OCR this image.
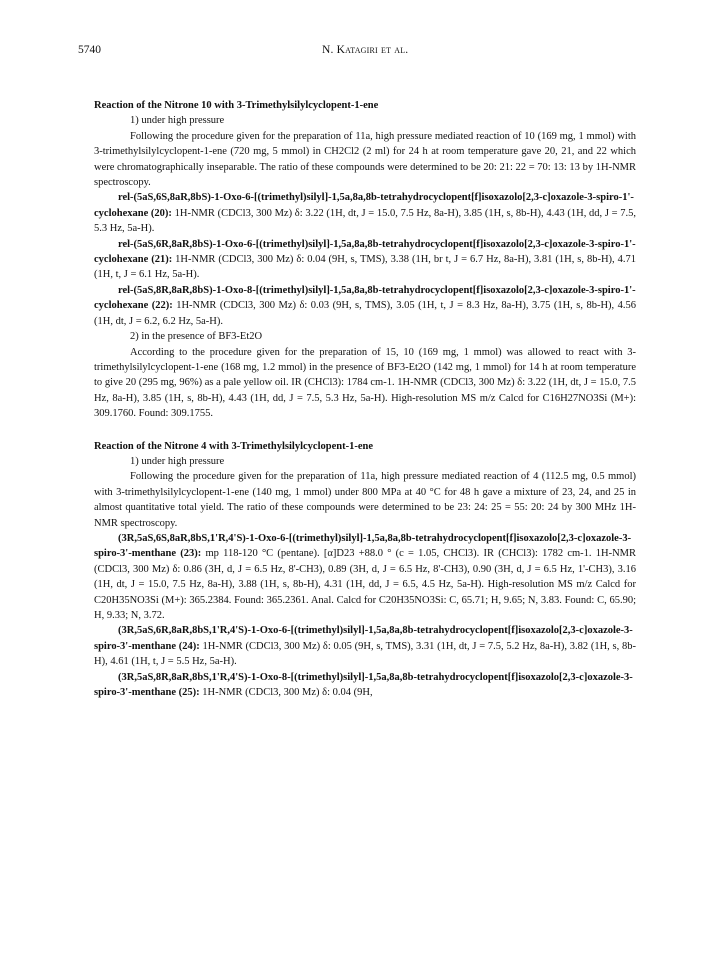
5740	N. Katagiri et al.

Reaction of the Nitrone 10 with 3-Trimethylsilylcyclopent-1-ene

1) under high pressure

Following the procedure given for the preparation of 11a, high pressure mediated reaction of 10 (169 mg, 1 mmol) with 3-trimethylsilylcyclopent-1-ene (720 mg, 5 mmol) in CH2Cl2 (2 ml) for 24 h at room temperature gave 20, 21, and 22 which were chromatographically inseparable. The ratio of these compounds were determined to be 20: 21: 22 = 70: 13: 13 by 1H-NMR spectroscopy.

rel-(5aS,6S,8aR,8bS)-1-Oxo-6-[(trimethyl)silyl]-1,5a,8a,8b-tetrahydrocyclopent[f]isoxazolo[2,3-c]oxazole-3-spiro-1'-cyclohexane (20): 1H-NMR (CDCl3, 300 Mz) δ: 3.22 (1H, dt, J = 15.0, 7.5 Hz, 8a-H), 3.85 (1H, s, 8b-H), 4.43 (1H, dd, J = 7.5, 5.3 Hz, 5a-H).

rel-(5aS,6R,8aR,8bS)-1-Oxo-6-[(trimethyl)silyl]-1,5a,8a,8b-tetrahydrocyclopent[f]isoxazolo[2,3-c]oxazole-3-spiro-1'-cyclohexane (21): 1H-NMR (CDCl3, 300 Mz) δ: 0.04 (9H, s, TMS), 3.38 (1H, br t, J = 6.7 Hz, 8a-H), 3.81 (1H, s, 8b-H), 4.71 (1H, t, J = 6.1 Hz, 5a-H).

rel-(5aS,8R,8aR,8bS)-1-Oxo-8-[(trimethyl)silyl]-1,5a,8a,8b-tetrahydrocyclopent[f]isoxazolo[2,3-c]oxazole-3-spiro-1'-cyclohexane (22): 1H-NMR (CDCl3, 300 Mz) δ: 0.03 (9H, s, TMS), 3.05 (1H, t, J = 8.3 Hz, 8a-H), 3.75 (1H, s, 8b-H), 4.56 (1H, dt, J = 6.2, 6.2 Hz, 5a-H).

2) in the presence of BF3-Et2O

According to the procedure given for the preparation of 15, 10 (169 mg, 1 mmol) was allowed to react with 3-trimethylsilylcyclopent-1-ene (168 mg, 1.2 mmol) in the presence of BF3-Et2O (142 mg, 1 mmol) for 14 h at room temperature to give 20 (295 mg, 96%) as a pale yellow oil. IR (CHCl3): 1784 cm-1. 1H-NMR (CDCl3, 300 Mz) δ: 3.22 (1H, dt, J = 15.0, 7.5 Hz, 8a-H), 3.85 (1H, s, 8b-H), 4.43 (1H, dd, J = 7.5, 5.3 Hz, 5a-H). High-resolution MS m/z Calcd for C16H27NO3Si (M+): 309.1760. Found: 309.1755.

Reaction of the Nitrone 4 with 3-Trimethylsilylcyclopent-1-ene

1) under high pressure

Following the procedure given for the preparation of 11a, high pressure mediated reaction of 4 (112.5 mg, 0.5 mmol) with 3-trimethylsilylcyclopent-1-ene (140 mg, 1 mmol) under 800 MPa at 40 °C for 48 h gave a mixture of 23, 24, and 25 in almost quantitative total yield. The ratio of these compounds were determined to be 23: 24: 25 = 55: 20: 24 by 300 MHz 1H-NMR spectroscopy.

(3R,5aS,6S,8aR,8bS,1'R,4'S)-1-Oxo-6-[(trimethyl)silyl]-1,5a,8a,8b-tetrahydrocyclopent[f]isoxazolo[2,3-c]oxazole-3-spiro-3'-menthane (23): mp 118-120 °C (pentane). [α]D23 +88.0 ° (c = 1.05, CHCl3). IR (CHCl3): 1782 cm-1. 1H-NMR (CDCl3, 300 Mz) δ: 0.86 (3H, d, J = 6.5 Hz, 8'-CH3), 0.89 (3H, d, J = 6.5 Hz, 8'-CH3), 0.90 (3H, d, J = 6.5 Hz, 1'-CH3), 3.16 (1H, dt, J = 15.0, 7.5 Hz, 8a-H), 3.88 (1H, s, 8b-H), 4.31 (1H, dd, J = 6.5, 4.5 Hz, 5a-H). High-resolution MS m/z Calcd for C20H35NO3Si (M+): 365.2384. Found: 365.2361. Anal. Calcd for C20H35NO3Si: C, 65.71; H, 9.65; N, 3.83. Found: C, 65.90; H, 9.33; N, 3.72.

(3R,5aS,6R,8aR,8bS,1'R,4'S)-1-Oxo-6-[(trimethyl)silyl]-1,5a,8a,8b-tetrahydrocyclopent[f]isoxazolo[2,3-c]oxazole-3-spiro-3'-menthane (24): 1H-NMR (CDCl3, 300 Mz) δ: 0.05 (9H, s, TMS), 3.31 (1H, dt, J = 7.5, 5.2 Hz, 8a-H), 3.82 (1H, s, 8b-H), 4.61 (1H, t, J = 5.5 Hz, 5a-H).

(3R,5aS,8R,8aR,8bS,1'R,4'S)-1-Oxo-8-[(trimethyl)silyl]-1,5a,8a,8b-tetrahydrocyclopent[f]isoxazolo[2,3-c]oxazole-3-spiro-3'-menthane (25): 1H-NMR (CDCl3, 300 Mz) δ: 0.04 (9H,
